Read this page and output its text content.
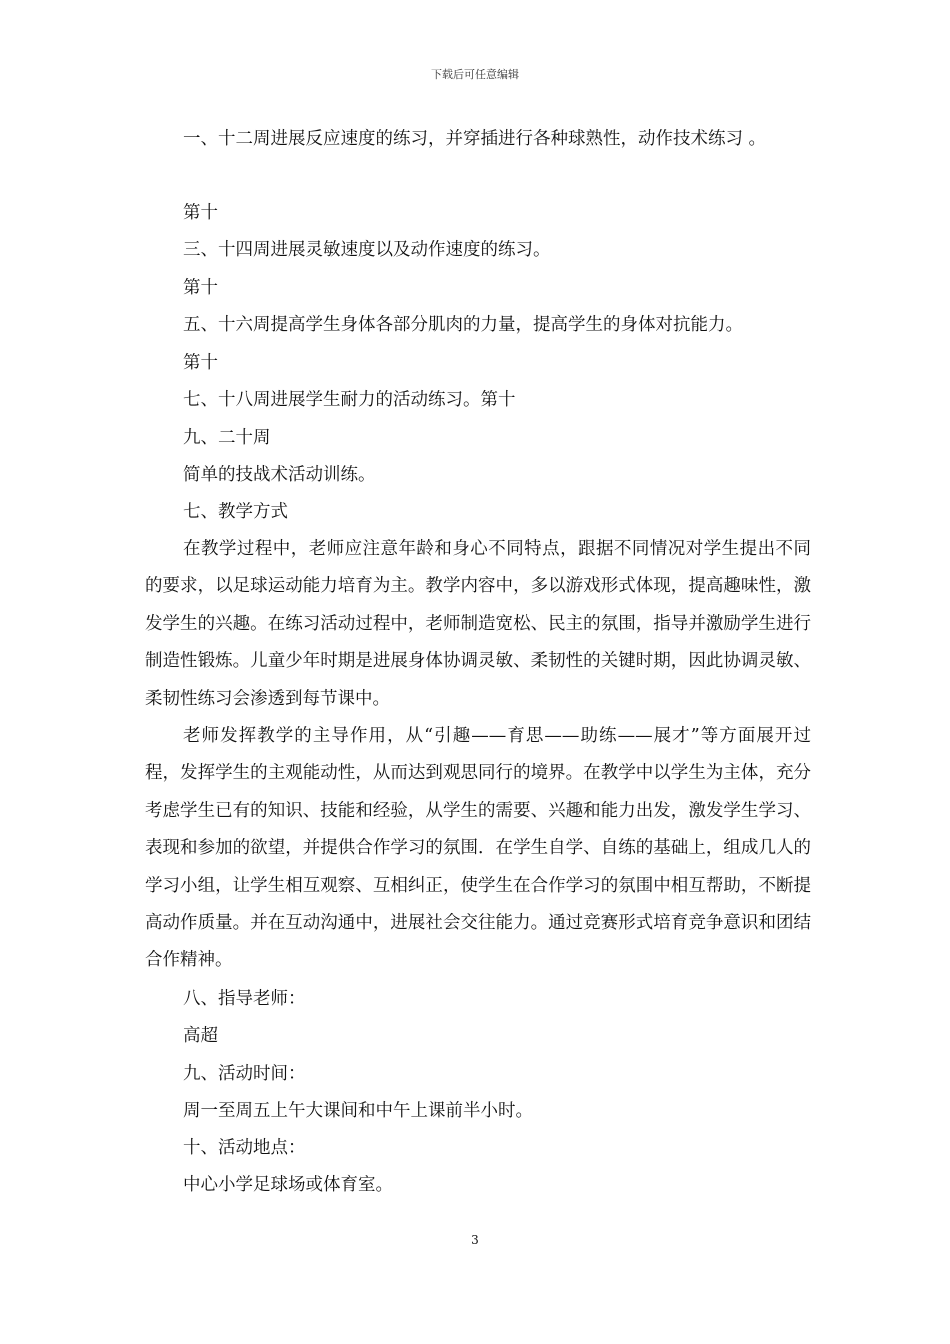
下载后可任意编辑
一、十二周进展反应速度的练习，并穿插进行各种球熟性，动作技术练习 。
第十
三、十四周进展灵敏速度以及动作速度的练习。
第十
五、十六周提高学生身体各部分肌肉的力量，提高学生的身体对抗能力。
第十
七、十八周进展学生耐力的活动练习。第十
九、二十周
简单的技战术活动训练。
七、教学方式

在教学过程中，老师应注意年龄和身心不同特点，跟据不同情况对学生提出不同的要求，以足球运动能力培育为主。教学内容中，多以游戏形式体现，提高趣味性，激发学生的兴趣。在练习活动过程中，老师制造宽松、民主的氛围，指导并激励学生进行制造性锻炼。儿童少年时期是进展身体协调灵敏、柔韧性的关键时期，因此协调灵敏、柔韧性练习会渗透到每节课中。

老师发挥教学的主导作用，从“引趣——育思——助练——展才”等方面展开过程，发挥学生的主观能动性，从而达到观思同行的境界。在教学中以学生为主体，充分考虑学生已有的知识、技能和经验，从学生的需要、兴趣和能力出发，激发学生学习、表现和参加的欲望，并提供合作学习的氛围．在学生自学、自练的基础上，组成几人的学习小组，让学生相互观察、互相纠正，使学生在合作学习的氛围中相互帮助，不断提高动作质量。并在互动沟通中，进展社会交往能力。通过竞赛形式培育竞争意识和团结合作精神。

八、指导老师：
高超
九、活动时间：
周一至周五上午大课间和中午上课前半小时。
十、活动地点：
中心小学足球场或体育室。
3
